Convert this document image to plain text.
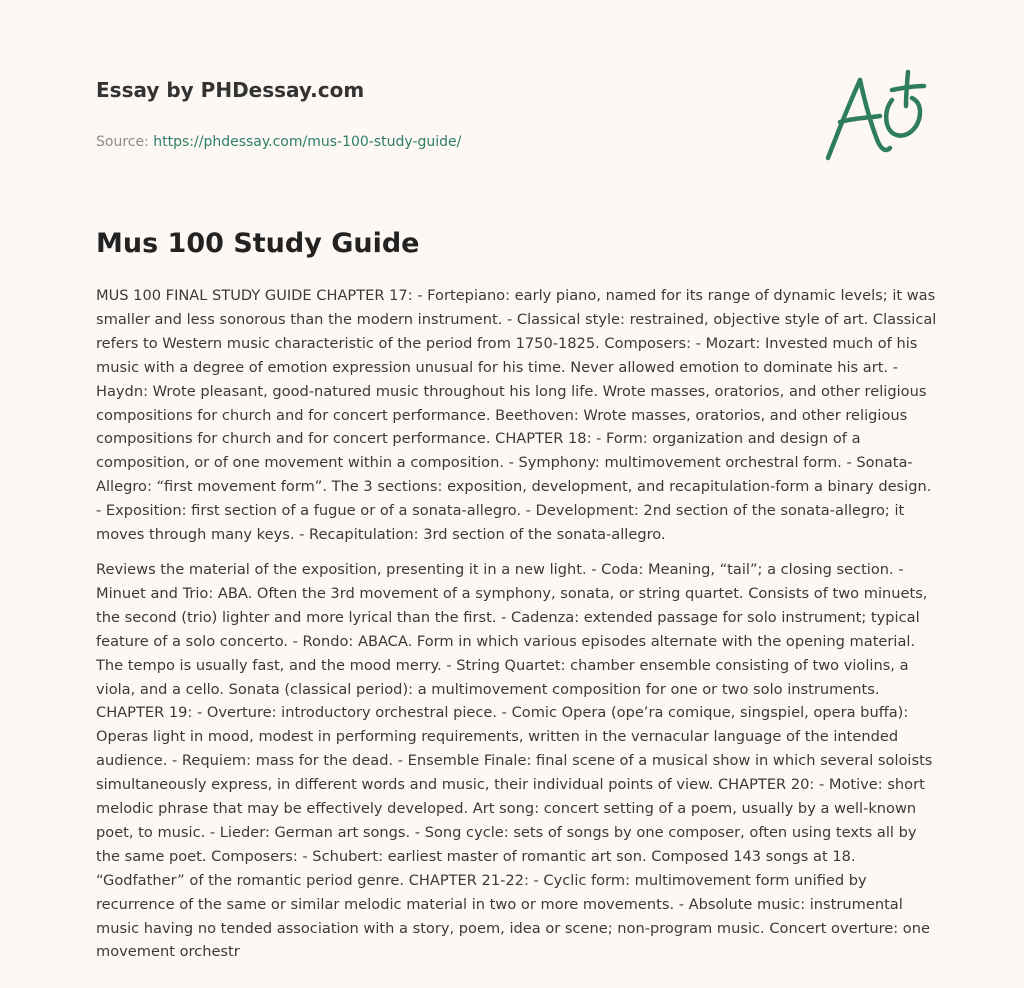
Essay by PHDessay.com
Source: https://phdessay.com/mus-100-study-guide/
Mus 100 Study Guide

MUS 100 FINAL STUDY GUIDE CHAPTER 17: - Fortepiano: early piano, named for its range of dynamic levels; it was smaller and less sonorous than the modern instrument. - Classical style: restrained, objective style of art. Classical refers to Western music characteristic of the period from 1750-1825. Composers: - Mozart: Invested much of his music with a degree of emotion expression unusual for his time. Never allowed emotion to dominate his art. - Haydn: Wrote pleasant, good-natured music throughout his long life. Wrote masses, oratorios, and other religious compositions for church and for concert performance. Beethoven: Wrote masses, oratorios, and other religious compositions for church and for concert performance. CHAPTER 18: - Form: organization and design of a composition, or of one movement within a composition. - Symphony: multimovement orchestral form. - Sonata-Allegro: “first movement form”. The 3 sections: exposition, development, and recapitulation-form a binary design. - Exposition: first section of a fugue or of a sonata-allegro. - Development: 2nd section of the sonata-allegro; it moves through many keys. - Recapitulation: 3rd section of the sonata-allegro.

Reviews the material of the exposition, presenting it in a new light. - Coda: Meaning, “tail”; a closing section. - Minuet and Trio: ABA. Often the 3rd movement of a symphony, sonata, or string quartet. Consists of two minuets, the second (trio) lighter and more lyrical than the first. - Cadenza: extended passage for solo instrument; typical feature of a solo concerto. - Rondo: ABACA. Form in which various episodes alternate with the opening material. The tempo is usually fast, and the mood merry. - String Quartet: chamber ensemble consisting of two violins, a viola, and a cello. Sonata (classical period): a multimovement composition for one or two solo instruments. CHAPTER 19: - Overture: introductory orchestral piece. - Comic Opera (ope’ra comique, singspiel, opera buffa): Operas light in mood, modest in performing requirements, written in the vernacular language of the intended audience. - Requiem: mass for the dead. - Ensemble Finale: final scene of a musical show in which several soloists simultaneously express, in different words and music, their individual points of view. CHAPTER 20: - Motive: short melodic phrase that may be effectively developed. Art song: concert setting of a poem, usually by a well-known poet, to music. - Lieder: German art songs. - Song cycle: sets of songs by one composer, often using texts all by the same poet. Composers: - Schubert: earliest master of romantic art son. Composed 143 songs at 18. “Godfather” of the romantic period genre. CHAPTER 21-22: - Cyclic form: multimovement form unified by recurrence of the same or similar melodic material in two or more movements. - Absolute music: instrumental music having no tended association with a story, poem, idea or scene; non-program music. Concert overture: one movement orchestr
